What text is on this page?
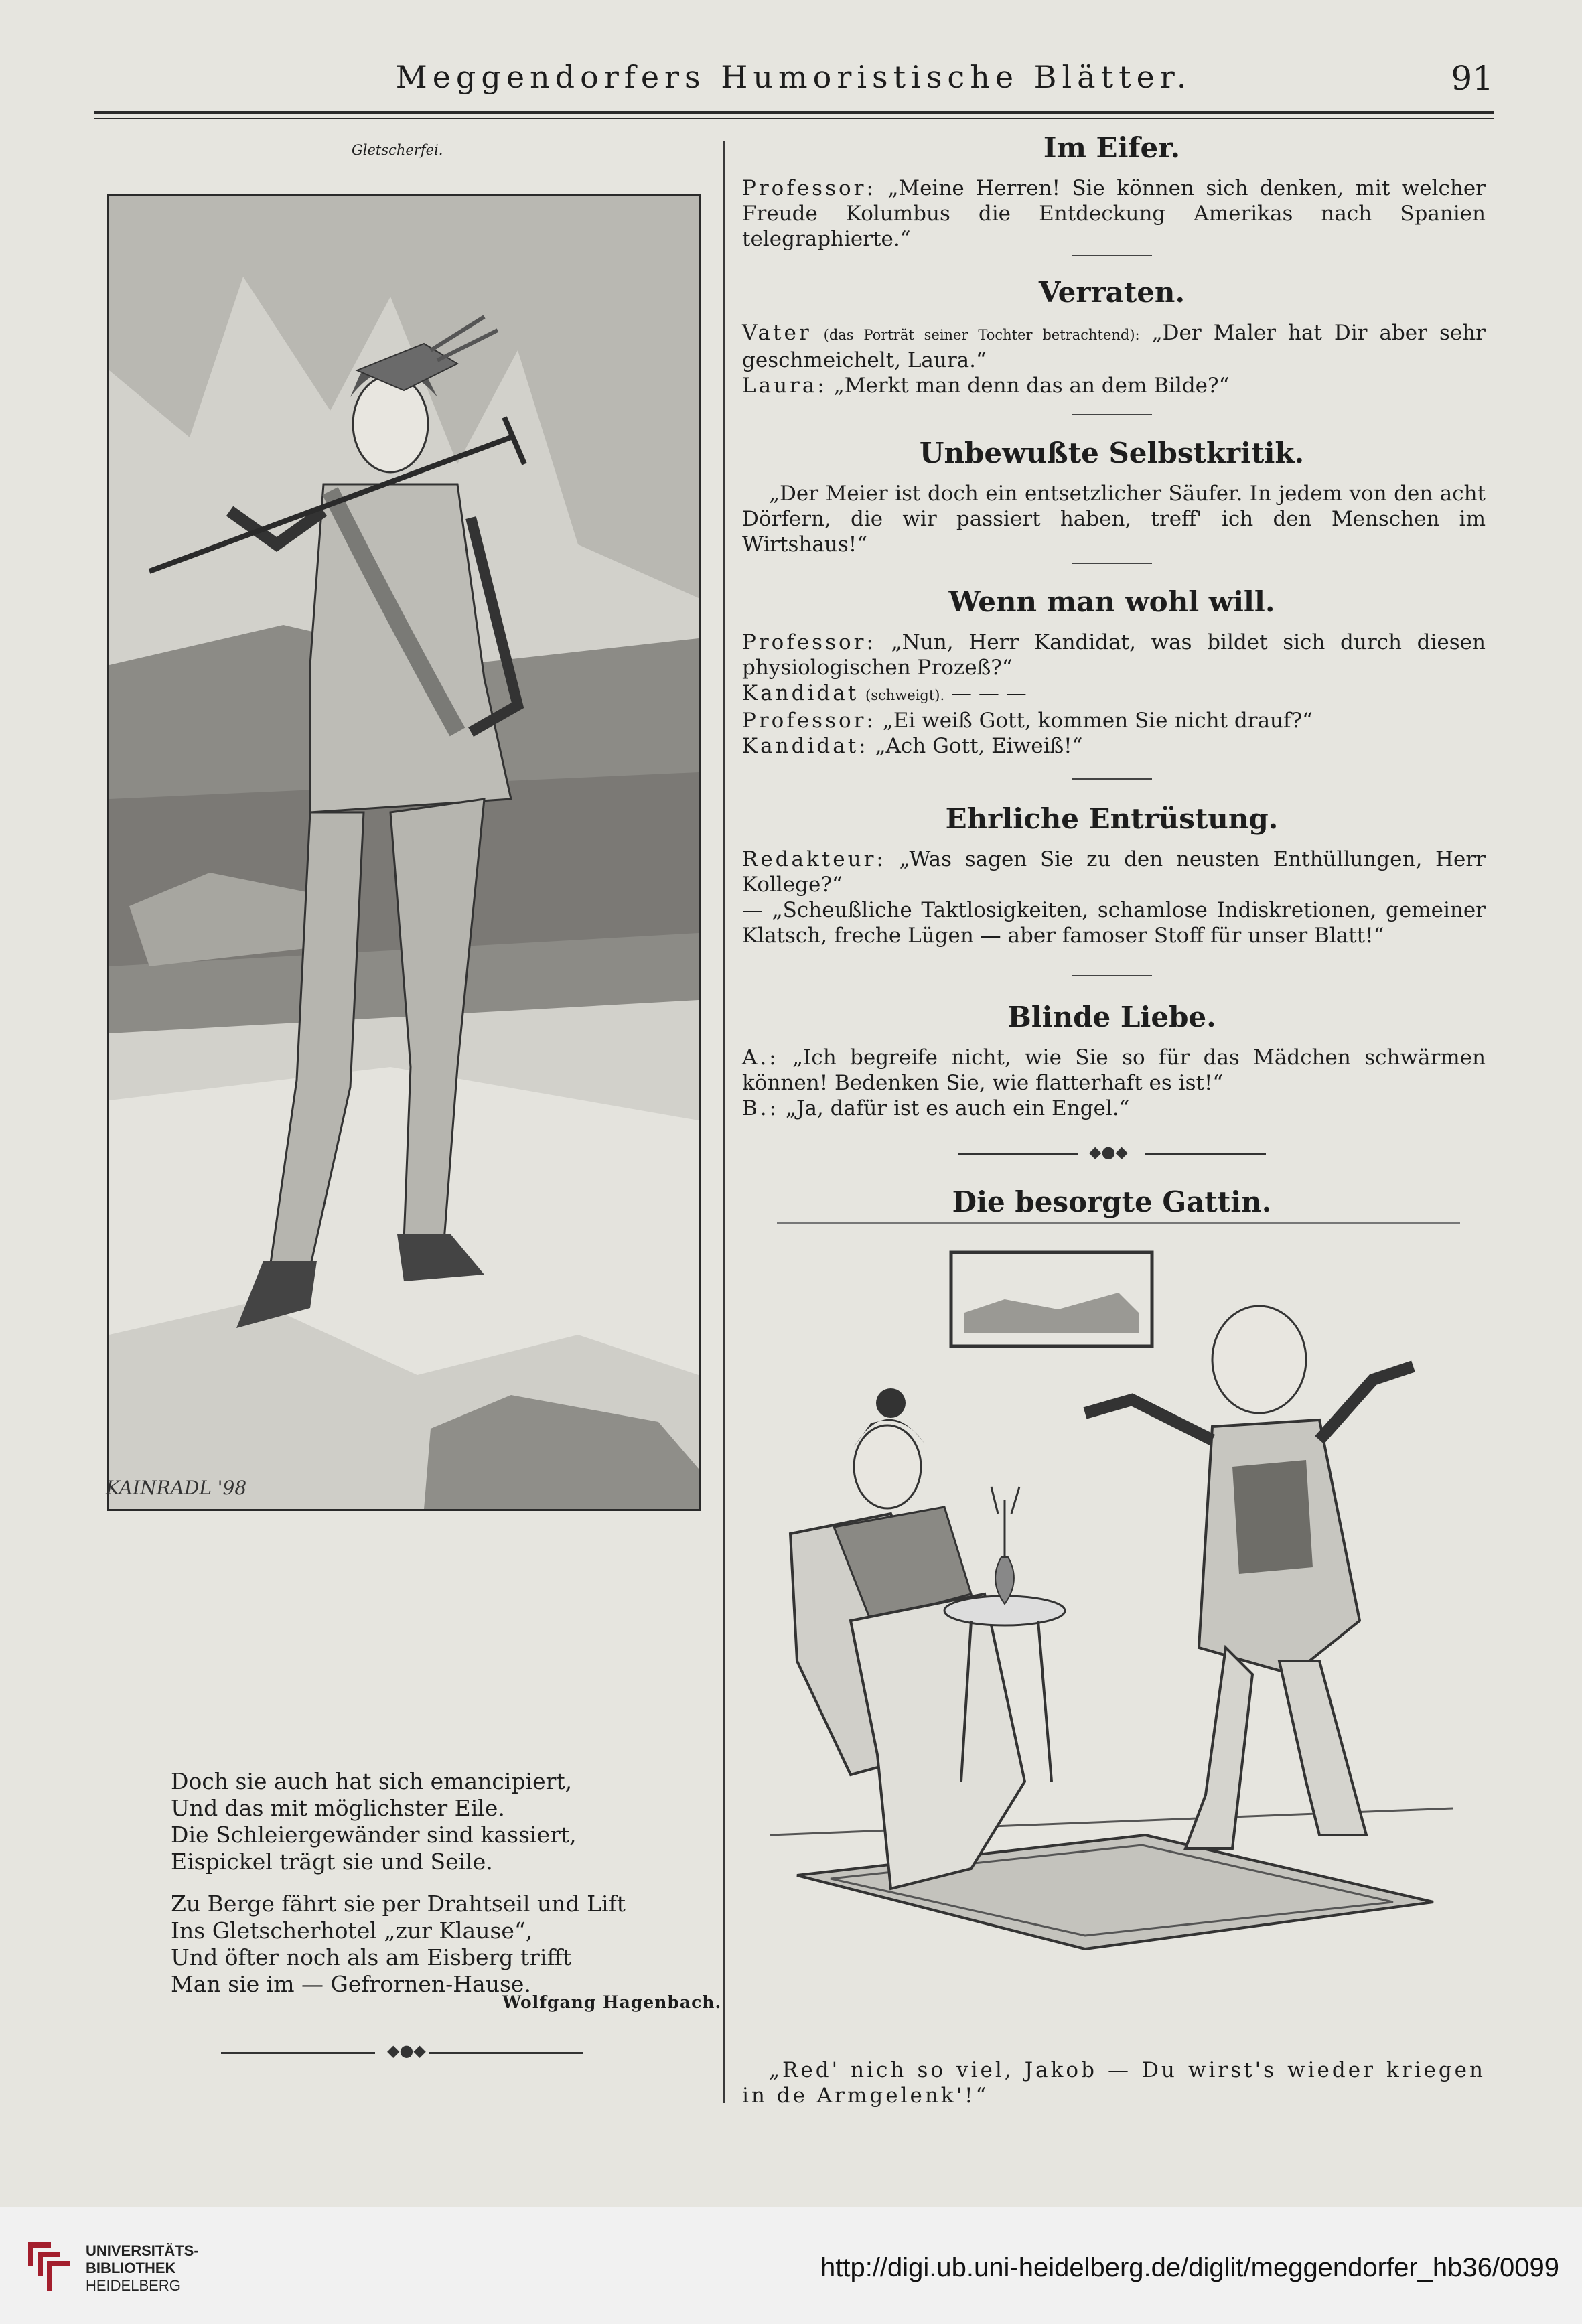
Meggendorfers Humoristische Blätter.	91
Gletscherfei.
KAINRADL '98
Doch sie auch hat sich emancipiert,
Und das mit möglichster Eile.
Die Schleiergewänder sind kassiert,
Eispickel trägt sie und Seile.
Zu Berge fährt sie per Drahtseil und Lift
Ins Gletscherhotel „zur Klause“,
Und öfter noch als am Eisberg trifft
Man sie im — Gefrornen-Hause.
Wolfgang Hagenbach.
◆●◆
Im Eifer.
Professor: „Meine Herren! Sie können sich denken, mit welcher Freude Kolumbus die Entdeckung Amerikas nach Spanien telegraphierte.“
Verraten.
Vater (das Porträt seiner Tochter betrachtend): „Der Maler hat Dir aber sehr geschmeichelt, Laura.“
Laura: „Merkt man denn das an dem Bilde?“
Unbewußte Selbstkritik.
„Der Meier ist doch ein entsetzlicher Säufer. In jedem von den acht Dörfern, die wir passiert haben, treff' ich den Menschen im Wirtshaus!“
Wenn man wohl will.
Professor: „Nun, Herr Kandidat, was bildet sich durch diesen physiologischen Prozeß?“
Kandidat (schweigt). — — —
Professor: „Ei weiß Gott, kommen Sie nicht drauf?“
Kandidat: „Ach Gott, Eiweiß!“
Ehrliche Entrüstung.
Redakteur: „Was sagen Sie zu den neusten Enthüllungen, Herr Kollege?“
— „Scheußliche Taktlosigkeiten, schamlose Indiskretionen, gemeiner Klatsch, freche Lügen — aber famoser Stoff für unser Blatt!“
Blinde Liebe.
A.: „Ich begreife nicht, wie Sie so für das Mädchen schwärmen können! Bedenken Sie, wie flatterhaft es ist!“
B.: „Ja, dafür ist es auch ein Engel.“
◆●◆
Die besorgte Gattin.
„Red' nich so viel, Jakob — Du wirst's wieder kriegen in de Armgelenk'!“
UNIVERSITÄTS-
BIBLIOTHEK
HEIDELBERG
http://digi.ub.uni-heidelberg.de/diglit/meggendorfer_hb36/0099
